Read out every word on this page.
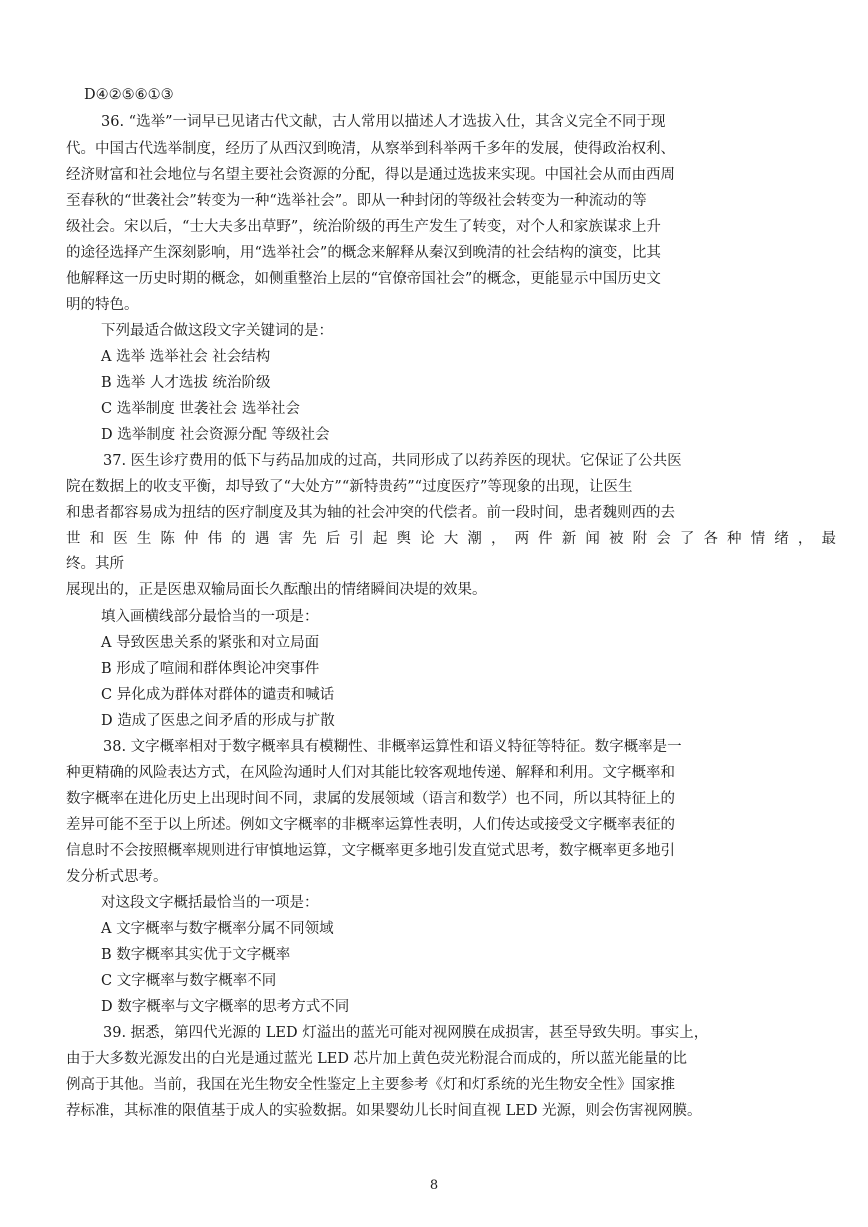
D④②⑤⑥①③
36. “选举”一词早已见诸古代文献，古人常用以描述人才选拔入仕，其含义完全不同于现
代。中国古代选举制度，经历了从西汉到晚清，从察举到科举两千多年的发展，使得政治权利、
经济财富和社会地位与名望主要社会资源的分配，得以是通过选拔来实现。中国社会从而由西周
至春秋的“世袭社会”转变为一种“选举社会”。即从一种封闭的等级社会转变为一种流动的等
级社会。宋以后，“士大夫多出草野”，统治阶级的再生产发生了转变，对个人和家族谋求上升
的途径选择产生深刻影响，用“选举社会”的概念来解释从秦汉到晚清的社会结构的演变，比其
他解释这一历史时期的概念，如侧重整治上层的“官僚帝国社会”的概念，更能显示中国历史文
明的特色。
下列最适合做这段文字关键词的是：
A 选举 选举社会 社会结构
B 选举 人才选拔 统治阶级
C 选举制度 世袭社会 选举社会
D 选举制度 社会资源分配 等级社会
37. 医生诊疗费用的低下与药品加成的过高，共同形成了以药养医的现状。它保证了公共医
院在数据上的收支平衡，却导致了“大处方”“新特贵药”“过度医疗”等现象的出现，让医生
和患者都容易成为扭结的医疗制度及其为轴的社会冲突的代偿者。前一段时间，患者魏则西的去
世和医生陈仲伟的遇害先后引起舆论大潮，两件新闻被附会了各种情绪，最
终。其所
展现出的，正是医患双输局面长久酝酿出的情绪瞬间决堤的效果。
填入画横线部分最恰当的一项是：
A 导致医患关系的紧张和对立局面
B 形成了喧闹和群体舆论冲突事件
C 异化成为群体对群体的谴责和喊话
D 造成了医患之间矛盾的形成与扩散
38. 文字概率相对于数字概率具有模糊性、非概率运算性和语义特征等特征。数字概率是一
种更精确的风险表达方式，在风险沟通时人们对其能比较客观地传递、解释和利用。文字概率和
数字概率在进化历史上出现时间不同，隶属的发展领域（语言和数学）也不同，所以其特征上的
差异可能不至于以上所述。例如文字概率的非概率运算性表明，人们传达或接受文字概率表征的
信息时不会按照概率规则进行审慎地运算，文字概率更多地引发直觉式思考，数字概率更多地引
发分析式思考。
对这段文字概括最恰当的一项是：
A 文字概率与数字概率分属不同领域
B 数字概率其实优于文字概率
C 文字概率与数字概率不同
D 数字概率与文字概率的思考方式不同
39. 据悉，第四代光源的 LED 灯溢出的蓝光可能对视网膜在成损害，甚至导致失明。事实上，
由于大多数光源发出的白光是通过蓝光 LED 芯片加上黄色荧光粉混合而成的，所以蓝光能量的比
例高于其他。当前，我国在光生物安全性鉴定上主要参考《灯和灯系统的光生物安全性》国家推
荐标准，其标准的限值基于成人的实验数据。如果婴幼儿长时间直视 LED 光源，则会伤害视网膜。
8
